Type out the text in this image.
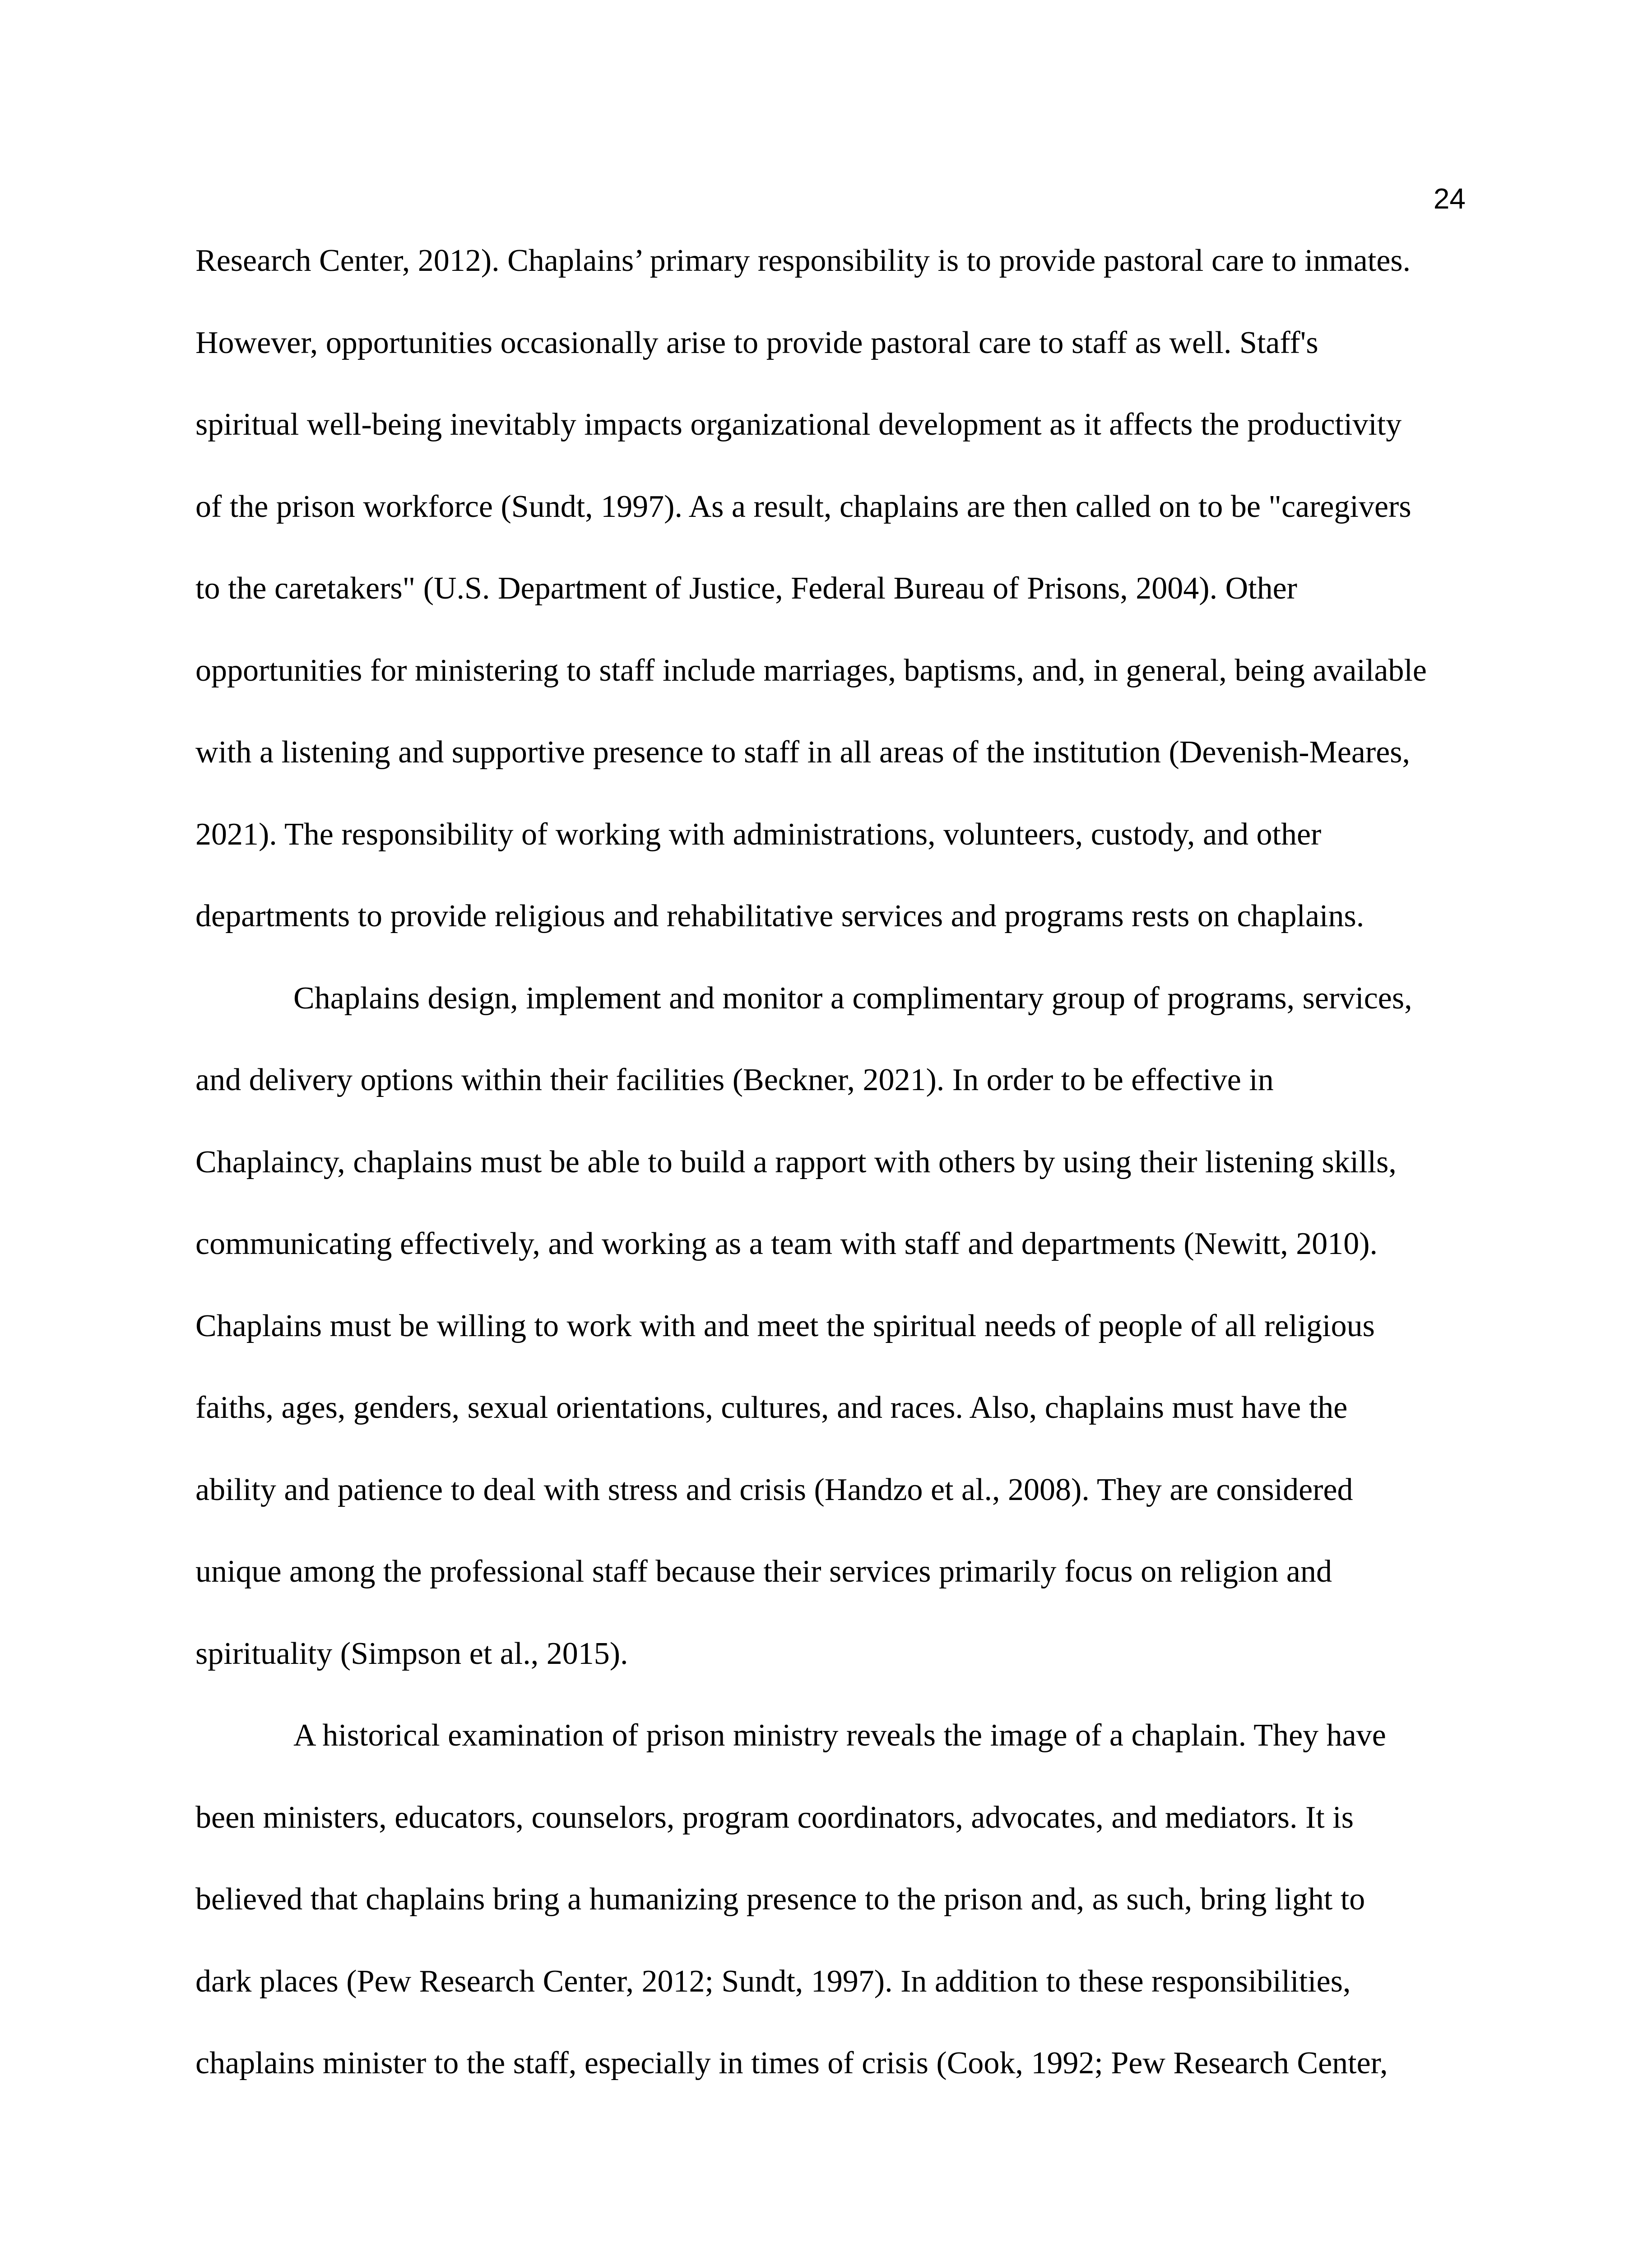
24
Research Center, 2012). Chaplains’ primary responsibility is to provide pastoral care to inmates.
However, opportunities occasionally arise to provide pastoral care to staff as well. Staff's
spiritual well-being inevitably impacts organizational development as it affects the productivity
of the prison workforce (Sundt, 1997). As a result, chaplains are then called on to be "caregivers
to the caretakers" (U.S. Department of Justice, Federal Bureau of Prisons, 2004). Other
opportunities for ministering to staff include marriages, baptisms, and, in general, being available
with a listening and supportive presence to staff in all areas of the institution (Devenish-Meares,
2021). The responsibility of working with administrations, volunteers, custody, and other
departments to provide religious and rehabilitative services and programs rests on chaplains.
Chaplains design, implement and monitor a complimentary group of programs, services,
and delivery options within their facilities (Beckner, 2021). In order to be effective in
Chaplaincy, chaplains must be able to build a rapport with others by using their listening skills,
communicating effectively, and working as a team with staff and departments (Newitt, 2010).
Chaplains must be willing to work with and meet the spiritual needs of people of all religious
faiths, ages, genders, sexual orientations, cultures, and races. Also, chaplains must have the
ability and patience to deal with stress and crisis (Handzo et al., 2008). They are considered
unique among the professional staff because their services primarily focus on religion and
spirituality (Simpson et al., 2015).
A historical examination of prison ministry reveals the image of a chaplain. They have
been ministers, educators, counselors, program coordinators, advocates, and mediators. It is
believed that chaplains bring a humanizing presence to the prison and, as such, bring light to
dark places (Pew Research Center, 2012; Sundt, 1997). In addition to these responsibilities,
chaplains minister to the staff, especially in times of crisis (Cook, 1992; Pew Research Center,
